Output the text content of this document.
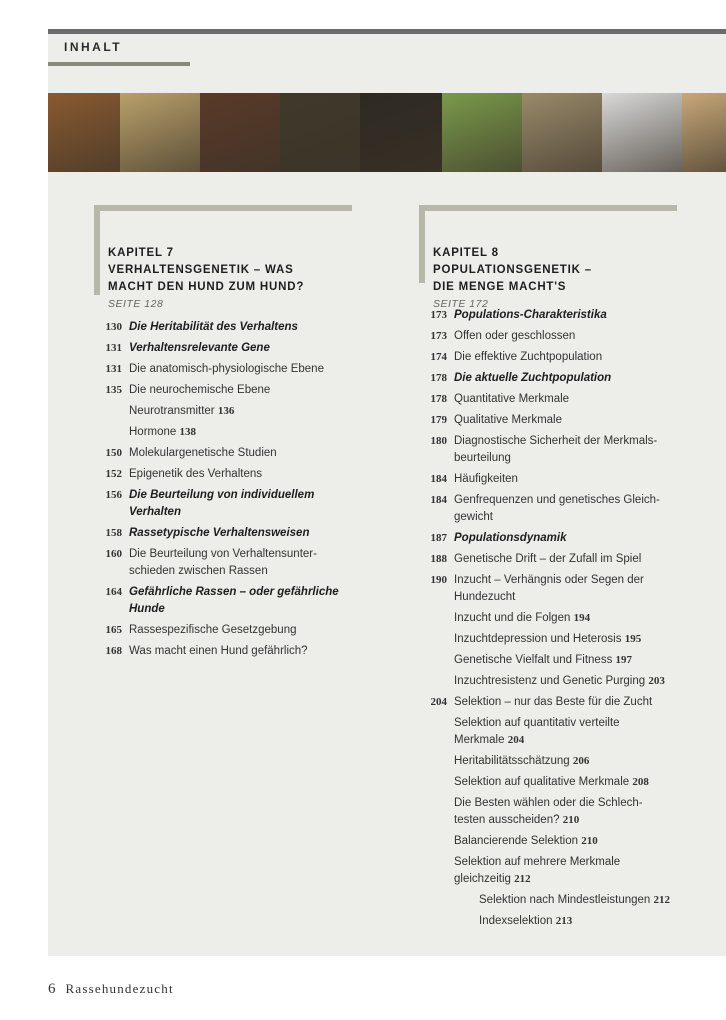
INHALT

KAPITEL 7
VERHALTENSGENETIK – WAS
MACHT DEN HUND ZUM HUND?

SEITE 128

KAPITEL 8
POPULATIONSGENETIK –
DIE MENGE MACHT'S
SEITE 172

130 Die Heritabilität des Verhaltens
131 Verhaltensrelevante Gene
131 Die anatomisch-physiologische Ebene
135 Die neurochemische Ebene
Neurotransmitter 136
Hormone 138
150 Molekulargenetische Studien
152 Epigenetik des Verhaltens
156 Die Beurteilung von individuellem
Verhalten
158 Rassetypische Verhaltensweisen
160 Die Beurteilung von Verhaltensunter-
schieden zwischen Rassen
164 Gefährliche Rassen – oder gefährliche
Hunde
165 Rassespezifische Gesetzgebung
168 Was macht einen Hund gefährlich?
173 Populations-Charakteristika
173 Offen oder geschlossen
174 Die effektive Zuchtpopulation
178 Die aktuelle Zuchtpopulation
178 Quantitative Merkmale
179 Qualitative Merkmale
180 Diagnostische Sicherheit der Merkmals-
beurteilung
184 Häufigkeiten
184 Genfrequenzen und genetisches Gleich-
gewicht
187 Populationsdynamik
188 Genetische Drift – der Zufall im Spiel
190 Inzucht – Verhängnis oder Segen der
Hundezucht
Inzucht und die Folgen 194
Inzuchtdepression und Heterosis 195
Genetische Vielfalt und Fitness 197
Inzuchtresistenz und Genetic Purging 203
204 Selektion – nur das Beste für die Zucht
Selektion auf quantitativ verteilte
Merkmale 204
Heritabilitätsschätzung 206
Selektion auf qualitative Merkmale 208
Die Besten wählen oder die Schlech-
testen ausscheiden? 210
Balancierende Selektion 210
Selektion auf mehrere Merkmale
gleichzeitig 212
Selektion nach Mindestleistungen 212
Indexselektion 213
6 Rassehundezucht
